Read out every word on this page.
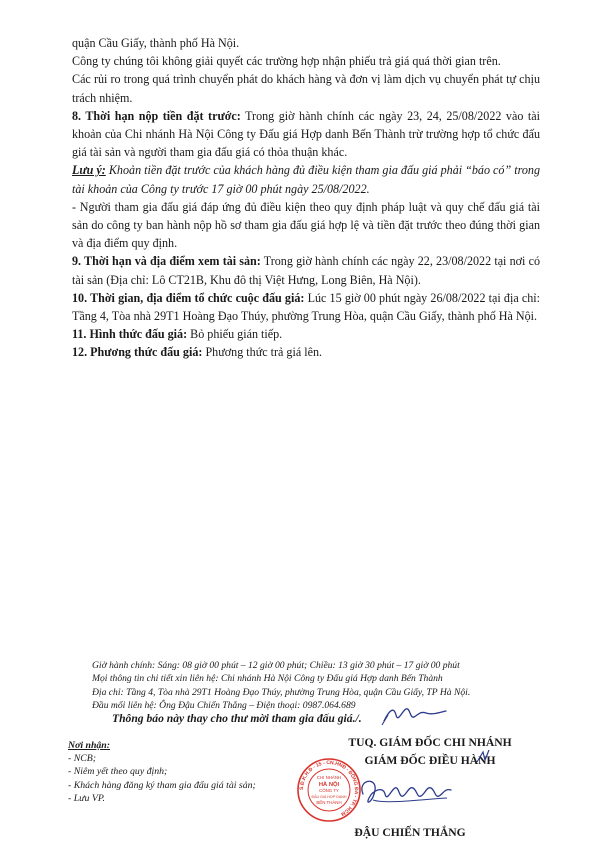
quận Cầu Giấy, thành phố Hà Nội.

Công ty chúng tôi không giải quyết các trường hợp nhận phiếu trả giá quá thời gian trên.

Các rủi ro trong quá trình chuyển phát do khách hàng và đơn vị làm dịch vụ chuyển phát tự chịu trách nhiệm.

8. Thời hạn nộp tiền đặt trước: Trong giờ hành chính các ngày 23, 24, 25/08/2022 vào tài khoản của Chi nhánh Hà Nội Công ty Đấu giá Hợp danh Bến Thành trừ trường hợp tổ chức đấu giá tài sản và người tham gia đấu giá có thỏa thuận khác.

Lưu ý: Khoản tiền đặt trước của khách hàng đủ điều kiện tham gia đấu giá phải “báo có” trong tài khoản của Công ty trước 17 giờ 00 phút ngày 25/08/2022.

- Người tham gia đấu giá đáp ứng đủ điều kiện theo quy định pháp luật và quy chế đấu giá tài sản do công ty ban hành nộp hồ sơ tham gia đấu giá hợp lệ và tiền đặt trước theo đúng thời gian và địa điểm quy định.

9. Thời hạn và địa điểm xem tài sản: Trong giờ hành chính các ngày 22, 23/08/2022 tại nơi có tài sản (Địa chỉ: Lô CT21B, Khu đô thị Việt Hưng, Long Biên, Hà Nội).

10. Thời gian, địa điểm tổ chức cuộc đấu giá: Lúc 15 giờ 00 phút ngày 26/08/2022 tại địa chỉ: Tầng 4, Tòa nhà 29T1 Hoàng Đạo Thúy, phường Trung Hòa, quận Cầu Giấy, thành phố Hà Nội.

11. Hình thức đấu giá: Bỏ phiếu gián tiếp.

12. Phương thức đấu giá: Phương thức trả giá lên.

Giờ hành chính: Sáng: 08 giờ 00 phút – 12 giờ 00 phút; Chiều: 13 giờ 30 phút – 17 giờ 00 phút

Mọi thông tin chi tiết xin liên hệ: Chi nhánh Hà Nội Công ty Đấu giá Hợp danh Bến Thành

Địa chỉ: Tầng 4, Tòa nhà 29T1 Hoàng Đạo Thúy, phường Trung Hòa, quận Cầu Giấy, TP Hà Nội.

Đầu mối liên hệ: Ông Đậu Chiến Thắng – Điện thoại: 0987.064.689

Thông báo này thay cho thư mời tham gia đấu giá./.

Nơi nhận:

- NCB;

- Niêm yết theo quy định;

- Khách hàng đăng ký tham gia đấu giá tài sản;

- Lưu VP.

TUQ. GIÁM ĐỐC CHI NHÁNH

GIÁM ĐỐC ĐIỀU HÀNH

S.Đ.K.H.Đ - 15 - CN.HNĐ - ĐỒNG ĐA - TP. HCM
CHI NHÁNH
HÀ NỘI
CÔNG TY
ĐẤU GIÁ HỢP DANH
BẾN THÀNH
ĐẬU CHIẾN THẮNG
